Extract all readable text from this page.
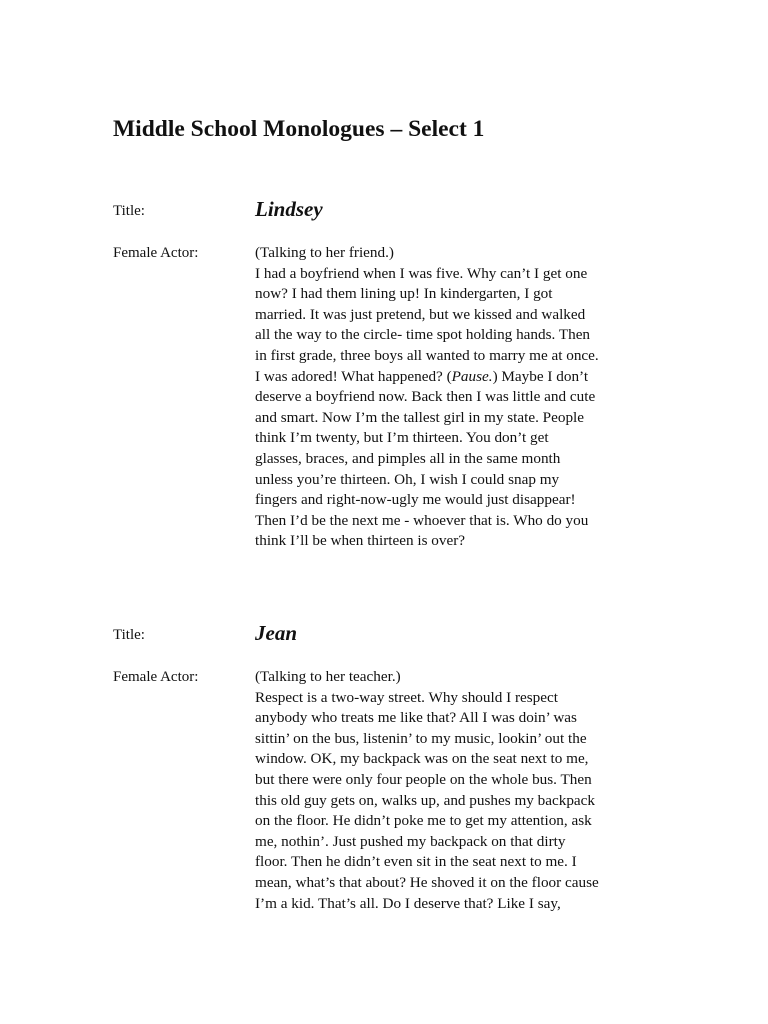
Middle School Monologues – Select 1
Title:	Lindsey
Female Actor:	(Talking to her friend.)
I had a boyfriend when I was five. Why can’t I get one
now? I had them lining up! In kindergarten, I got
married. It was just pretend, but we kissed and walked
all the way to the circle- time spot holding hands. Then
in first grade, three boys all wanted to marry me at once.
I was adored! What happened? (Pause.) Maybe I don’t
deserve a boyfriend now. Back then I was little and cute
and smart. Now I’m the tallest girl in my state. People
think I’m twenty, but I’m thirteen. You don’t get
glasses, braces, and pimples all in the same month
unless you’re thirteen. Oh, I wish I could snap my
fingers and right-now-ugly me would just disappear!
Then I’d be the next me - whoever that is. Who do you
think I’ll be when thirteen is over?
Title:	Jean
Female Actor:	(Talking to her teacher.)
Respect is a two-way street. Why should I respect
anybody who treats me like that? All I was doin’ was
sittin’ on the bus, listenin’ to my music, lookin’ out the
window. OK, my backpack was on the seat next to me,
but there were only four people on the whole bus. Then
this old guy gets on, walks up, and pushes my backpack
on the floor. He didn’t poke me to get my attention, ask
me, nothin’. Just pushed my backpack on that dirty
floor. Then he didn’t even sit in the seat next to me. I
mean, what’s that about? He shoved it on the floor cause
I’m a kid. That’s all. Do I deserve that? Like I say,
